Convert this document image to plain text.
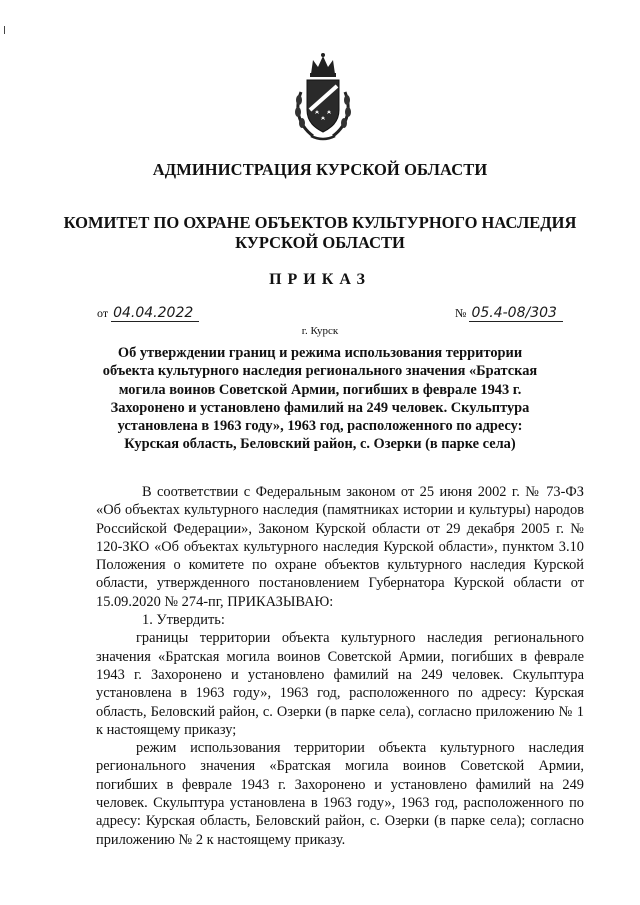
АДМИНИСТРАЦИЯ КУРСКОЙ ОБЛАСТИ
КОМИТЕТ ПО ОХРАНЕ ОБЪЕКТОВ КУЛЬТУРНОГО НАСЛЕДИЯ КУРСКОЙ ОБЛАСТИ
ПРИКАЗ
от 04.04.2022	№ 05.4-08/303
г. Курск
Об утверждении границ и режима использования территории объекта культурного наследия регионального значения «Братская могила воинов Советской Армии, погибших в феврале 1943 г. Захоронено и установлено фамилий на 249 человек. Скульптура установлена в 1963 году», 1963 год, расположенного по адресу: Курская область, Беловский район, с. Озерки (в парке села)

В соответствии с Федеральным законом от 25 июня 2002 г. № 73-ФЗ «Об объектах культурного наследия (памятниках истории и культуры) народов Российской Федерации», Законом Курской области от 29 декабря 2005 г. № 120-ЗКО «Об объектах культурного наследия Курской области», пунктом 3.10 Положения о комитете по охране объектов культурного наследия Курской области, утвержденного постановлением Губернатора Курской области от 15.09.2020 № 274-пг, ПРИКАЗЫВАЮ:

1. Утвердить:

границы территории объекта культурного наследия регионального значения «Братская могила воинов Советской Армии, погибших в феврале 1943 г. Захоронено и установлено фамилий на 249 человек. Скульптура установлена в 1963 году», 1963 год, расположенного по адресу: Курская область, Беловский район, с. Озерки (в парке села), согласно приложению № 1 к настоящему приказу;

режим использования территории объекта культурного наследия регионального значения «Братская могила воинов Советской Армии, погибших в феврале 1943 г. Захоронено и установлено фамилий на 249 человек. Скульптура установлена в 1963 году», 1963 год, расположенного по адресу: Курская область, Беловский район, с. Озерки (в парке села); согласно приложению № 2 к настоящему приказу.
